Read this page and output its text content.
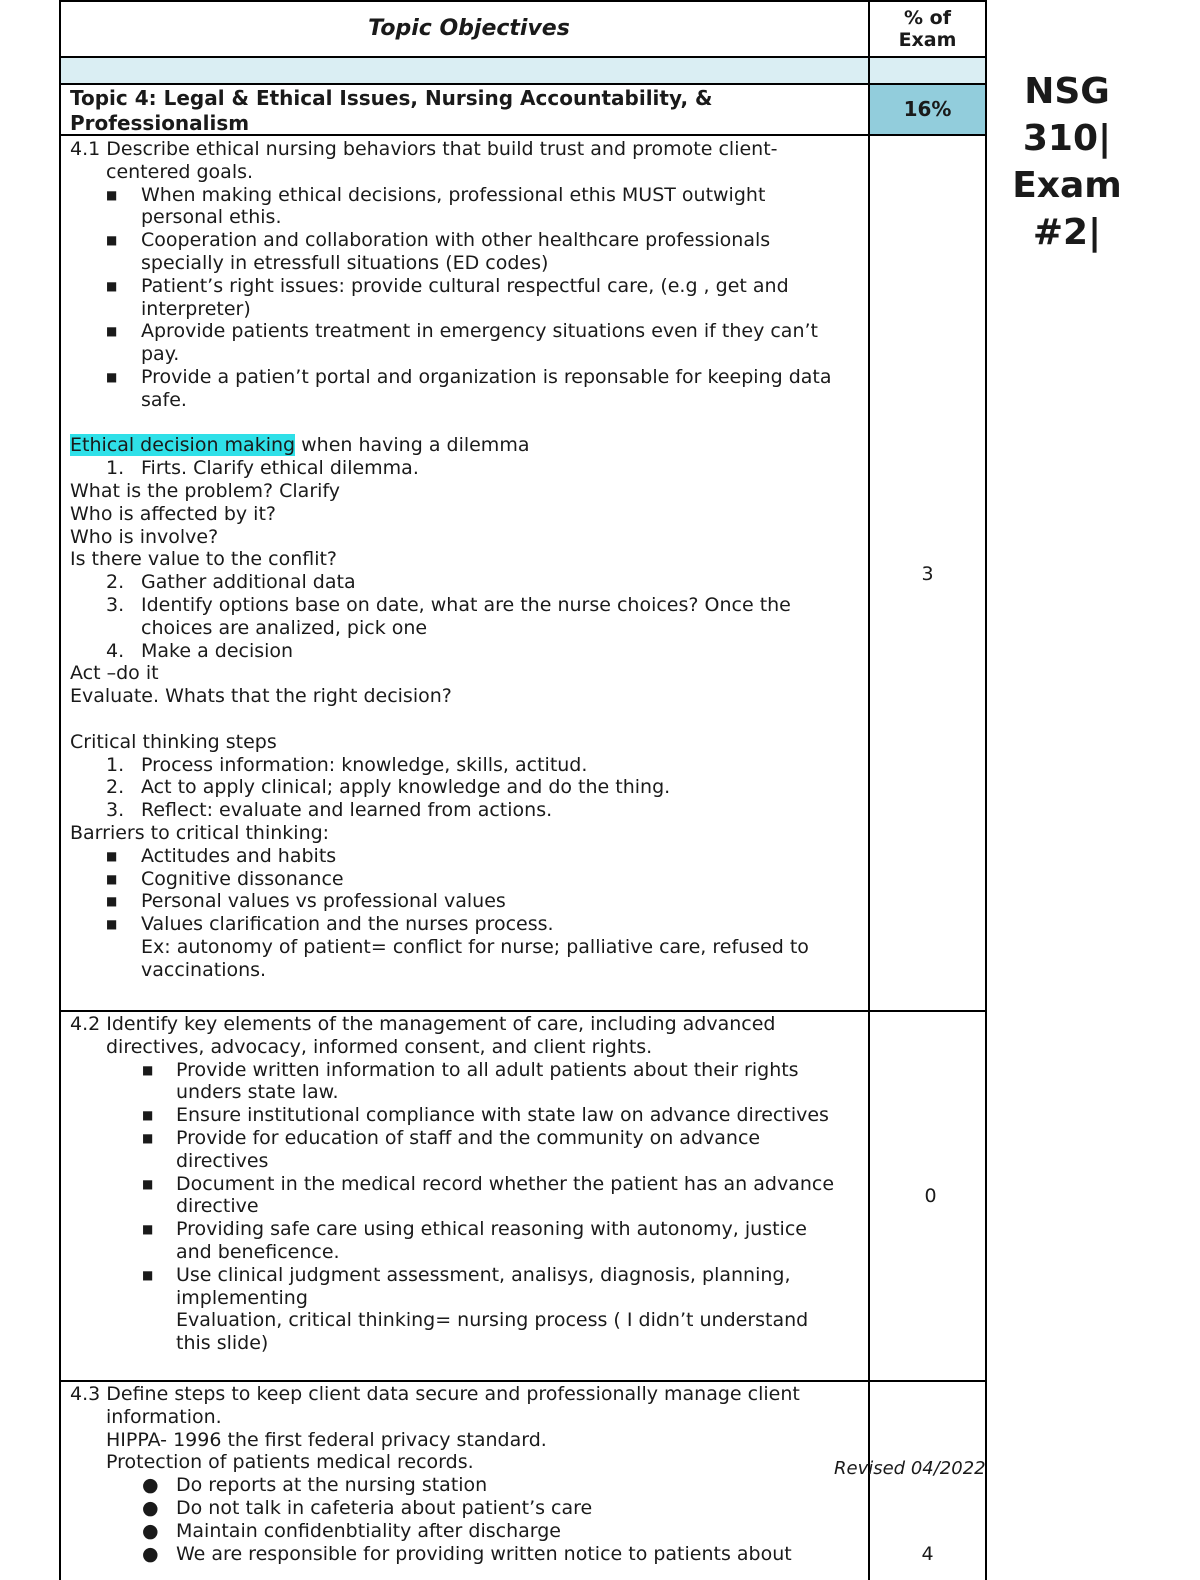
Topic Objectives	% of
Exam
Topic 4: Legal & Ethical Issues, Nursing Accountability, & Professionalism
16%
4.1 Describe ethical nursing behaviors that build trust and promote client-
centered goals.
■ When making ethical decisions, professional ethis MUST outwight
personal ethis.
■ Cooperation and collaboration with other healthcare professionals
specially in etressfull situations (ED codes)
■ Patient’s right issues: provide cultural respectful care, (e.g , get and
interpreter)
■ Aprovide patients treatment in emergency situations even if they can’t
pay.
■ Provide a patien’t portal and organization is reponsable for keeping data
safe.
Ethical decision making when having a dilemma
1. Firts. Clarify ethical dilemma.
What is the problem? Clarify
Who is affected by it?
Who is involve?
Is there value to the conflit?
2. Gather additional data
3. Identify options base on date, what are the nurse choices? Once the
choices are analized, pick one
4. Make a decision
Act –do it
Evaluate. Whats that the right decision?
Critical thinking steps
1. Process information: knowledge, skills, actitud.
2. Act to apply clinical; apply knowledge and do the thing.
3. Reflect: evaluate and learned from actions.
Barriers to critical thinking:
■ Actitudes and habits
■ Cognitive dissonance
■ Personal values vs professional values
■ Values clarification and the nurses process.
Ex: autonomy of patient= conflict for nurse; palliative care, refused to
vaccinations.
3
4.2 Identify key elements of the management of care, including advanced
directives, advocacy, informed consent, and client rights.
■ Provide written information to all adult patients about their rights
unders state law.
■ Ensure institutional compliance with state law on advance directives
■ Provide for education of staff and the community on advance
directives
■ Document in the medical record whether the patient has an advance
directive
■ Providing safe care using ethical reasoning with autonomy, justice
and beneficence.
■ Use clinical judgment assessment, analisys, diagnosis, planning,
implementing
Evaluation, critical thinking= nursing process ( I didn’t understand
this slide)
0
4.3 Define steps to keep client data secure and professionally manage client
information.
HIPPA- 1996 the first federal privacy standard.
Protection of patients medical records.
● Do reports at the nursing station
● Do not talk in cafeteria about patient’s care
● Maintain confidenbtiality after discharge
● We are responsible for providing written notice to patients about	4
NSG
310|
Exam
#2|
Revised 04/2022
